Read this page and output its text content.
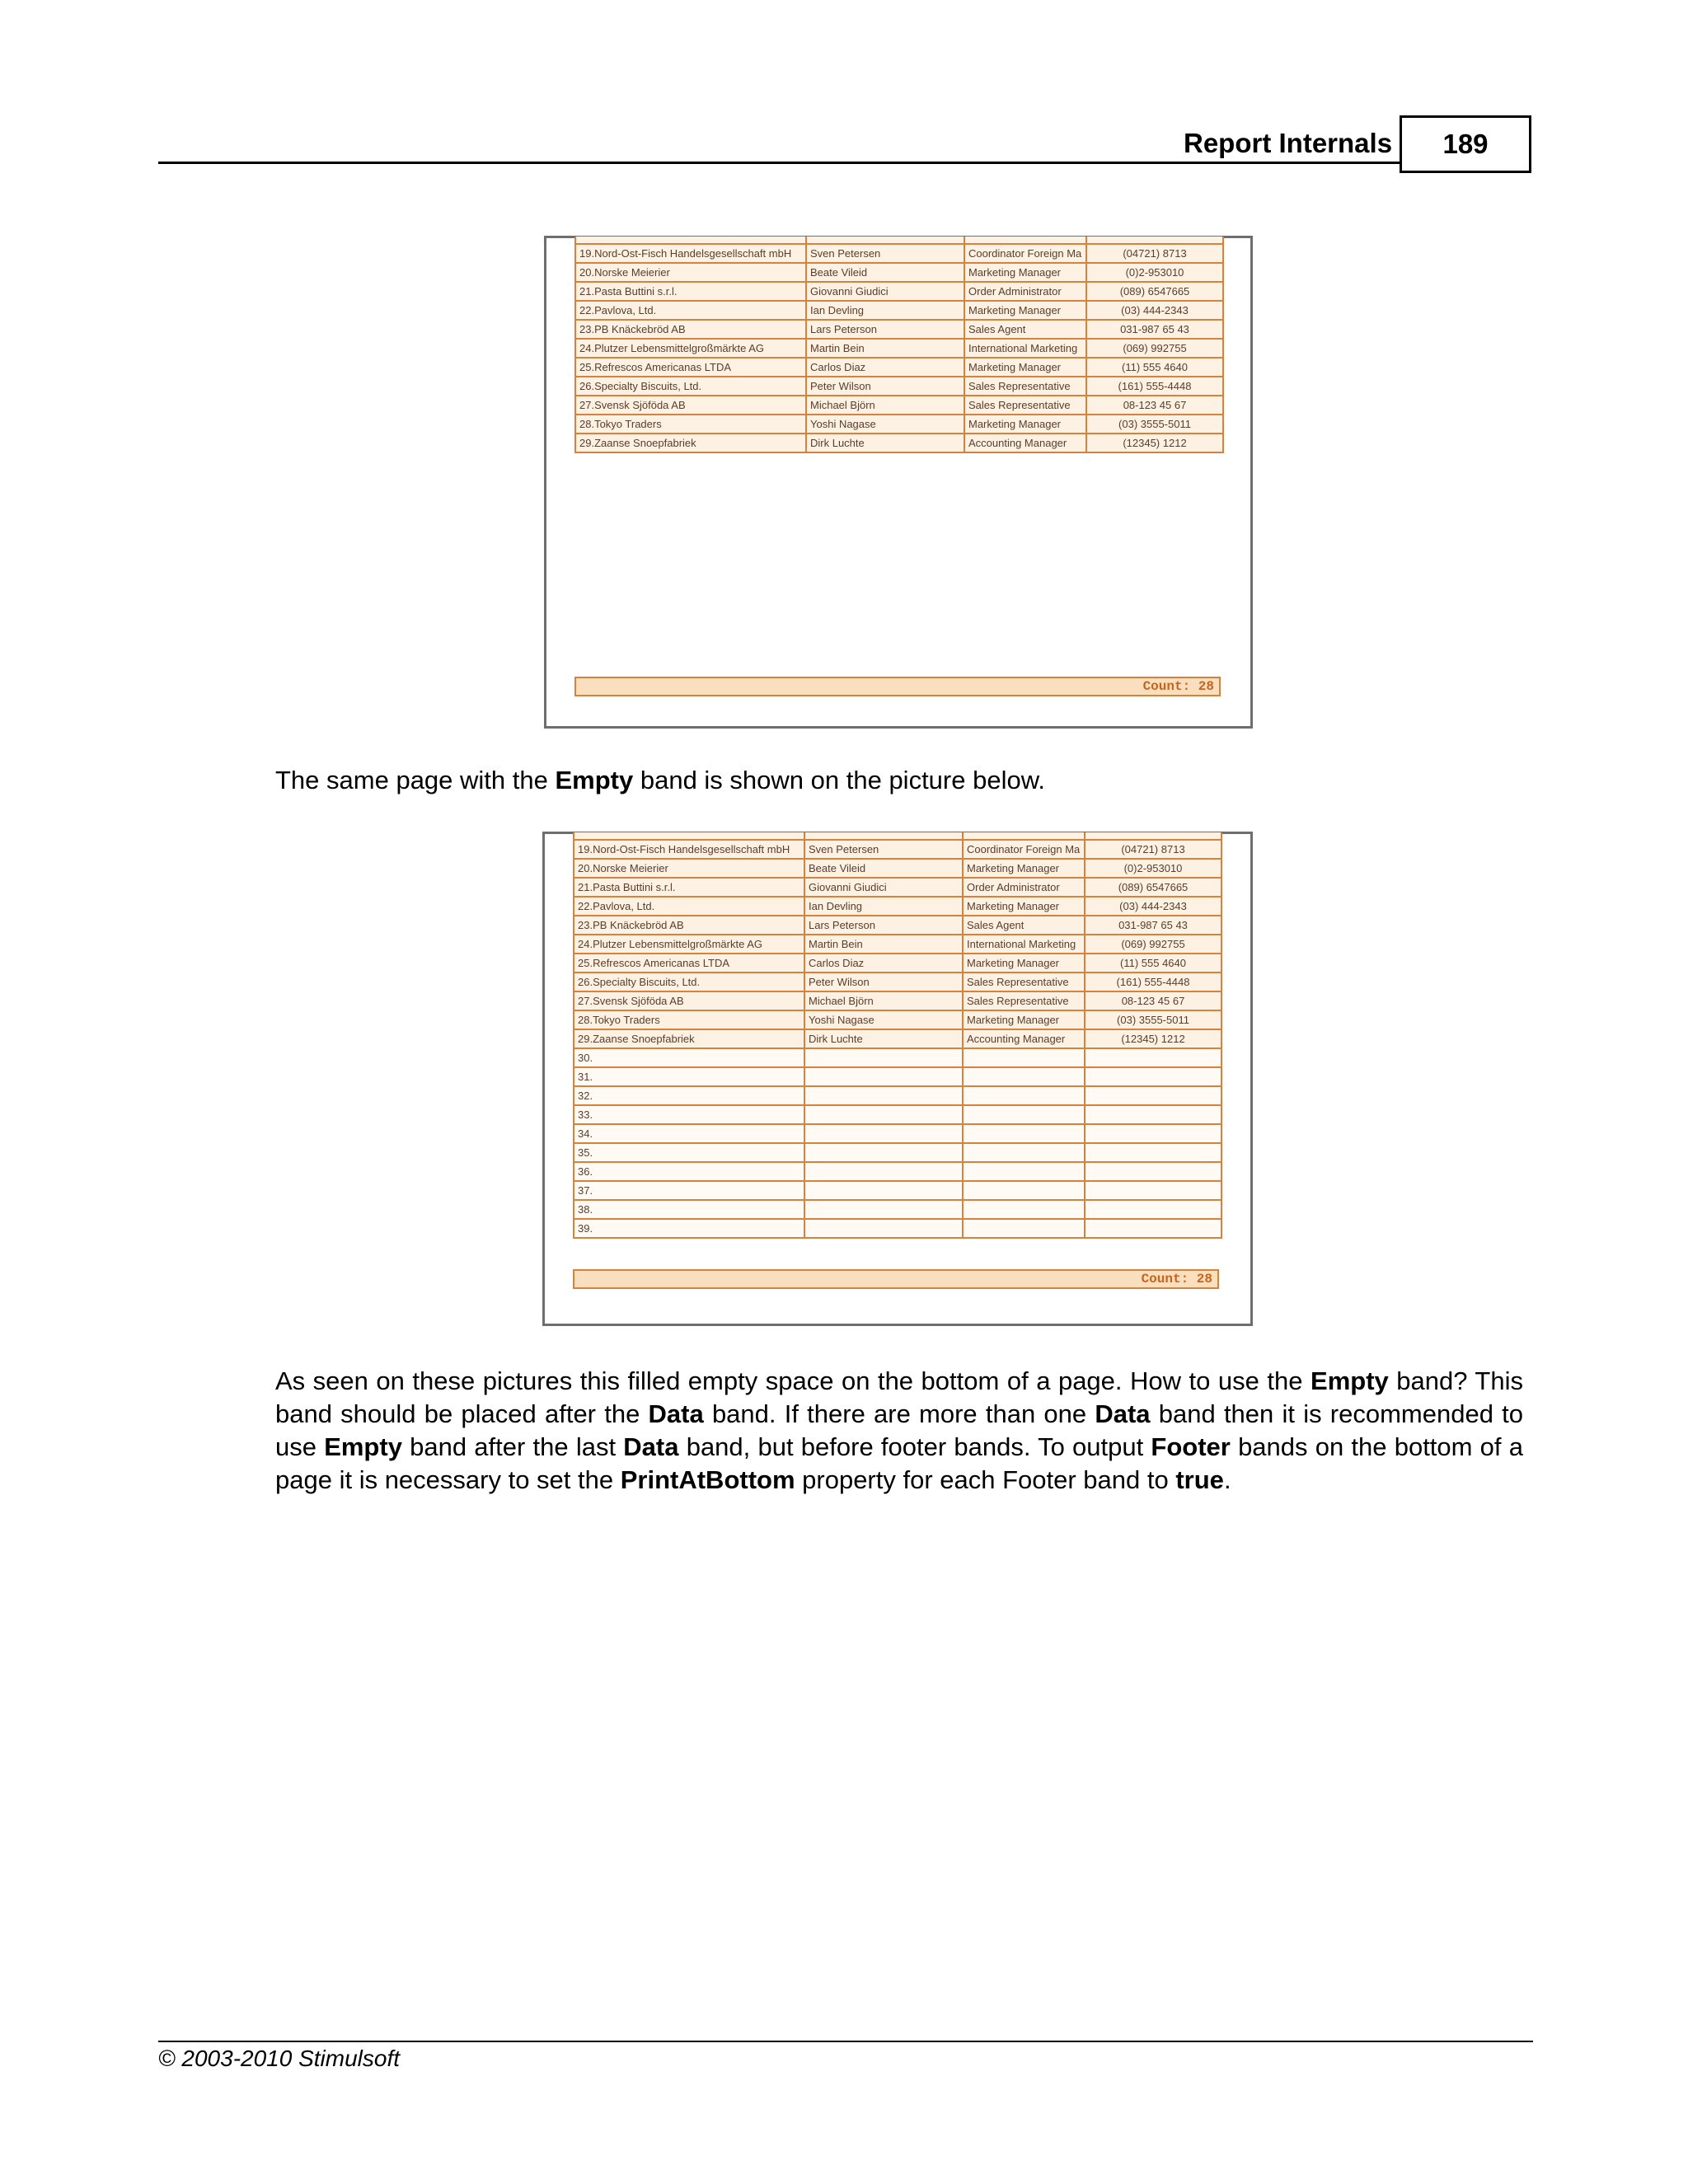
Report Internals	189

19.Nord-Ost-Fisch Handelsgesellschaft mbH	Sven Petersen	Coordinator Foreign Ma	(04721) 8713
20.Norske Meierier	Beate Vileid	Marketing Manager	(0)2-953010
21.Pasta Buttini s.r.l.	Giovanni Giudici	Order Administrator	(089) 6547665
22.Pavlova, Ltd.	Ian Devling	Marketing Manager	(03) 444-2343
23.PB Knäckebröd AB	Lars Peterson	Sales Agent	031-987 65 43
24.Plutzer Lebensmittelgroßmärkte AG	Martin Bein	International Marketing	(069) 992755
25.Refrescos Americanas LTDA	Carlos Diaz	Marketing Manager	(11) 555 4640
26.Specialty Biscuits, Ltd.	Peter Wilson	Sales Representative	(161) 555-4448
27.Svensk Sjöföda AB	Michael Björn	Sales Representative	08-123 45 67
28.Tokyo Traders	Yoshi Nagase	Marketing Manager	(03) 3555-5011
29.Zaanse Snoepfabriek	Dirk Luchte	Accounting Manager	(12345) 1212
Count: 28
The same page with the Empty band is shown on the picture below.

19.Nord-Ost-Fisch Handelsgesellschaft mbH	Sven Petersen	Coordinator Foreign Ma	(04721) 8713
20.Norske Meierier	Beate Vileid	Marketing Manager	(0)2-953010
21.Pasta Buttini s.r.l.	Giovanni Giudici	Order Administrator	(089) 6547665
22.Pavlova, Ltd.	Ian Devling	Marketing Manager	(03) 444-2343
23.PB Knäckebröd AB	Lars Peterson	Sales Agent	031-987 65 43
24.Plutzer Lebensmittelgroßmärkte AG	Martin Bein	International Marketing	(069) 992755
25.Refrescos Americanas LTDA	Carlos Diaz	Marketing Manager	(11) 555 4640
26.Specialty Biscuits, Ltd.	Peter Wilson	Sales Representative	(161) 555-4448
27.Svensk Sjöföda AB	Michael Björn	Sales Representative	08-123 45 67
28.Tokyo Traders	Yoshi Nagase	Marketing Manager	(03) 3555-5011
29.Zaanse Snoepfabriek	Dirk Luchte	Accounting Manager	(12345) 1212
30.			
31.			
32.			
33.			
34.			
35.			
36.			
37.			
38.			
39.			
Count: 28
As seen on these pictures this filled empty space on the bottom of a page. How to use the Empty band? This band should be placed after the Data band. If there are more than one Data band then it is recommended to use Empty band after the last Data band, but before footer bands. To output Footer bands on the bottom of a page it is necessary to set the PrintAtBottom property for each Footer band to true.
© 2003-2010 Stimulsoft
